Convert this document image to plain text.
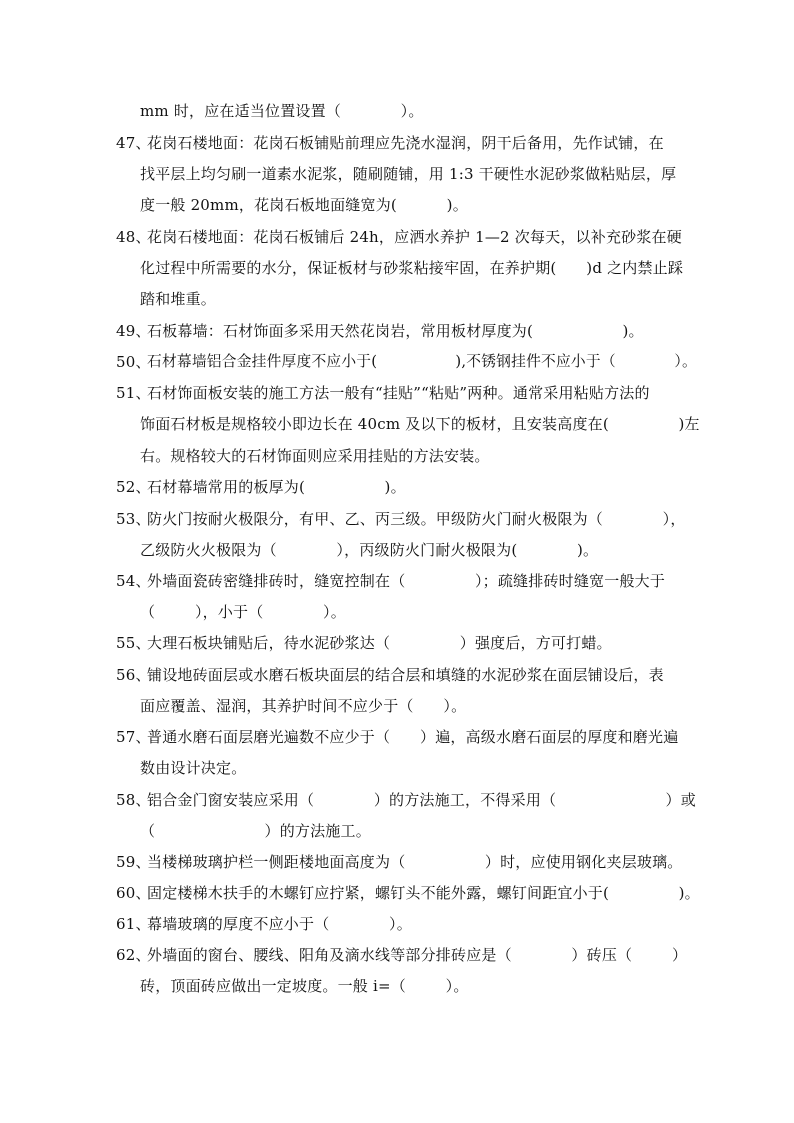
mm 时，应在适当位置设置（            ）。
47、
花岗石楼地面：花岗石板铺贴前理应先浇水湿润，阴干后备用，先作试铺，在
找平层上均匀刷一道素水泥浆，随刷随铺，用 1:3 干硬性水泥砂浆做粘贴层，厚
度一般 20mm，花岗石板地面缝宽为(          )。
48、
花岗石楼地面：花岗石板铺后 24h，应洒水养护 1—2 次每天，以补充砂浆在硬
化过程中所需要的水分，保证板材与砂浆粘接牢固，在养护期(      )d 之内禁止踩
踏和堆重。
49、
石板幕墙：石材饰面多采用天然花岗岩，常用板材厚度为(                  )。
50、
石材幕墙铝合金挂件厚度不应小于(                ),不锈钢挂件不应小于（            ）。
51、
石材饰面板安装的施工方法一般有“挂贴”“粘贴”两种。通常采用粘贴方法的
饰面石材板是规格较小即边长在 40cm 及以下的板材，且安装高度在(              )左
右。规格较大的石材饰面则应采用挂贴的方法安装。
52、
石材幕墙常用的板厚为(                )。
53、
防火门按耐火极限分，有甲、乙、丙三级。甲级防火门耐火极限为（            ），
乙级防火火极限为（            ），丙级防火门耐火极限为(            )。
54、
外墙面瓷砖密缝排砖时，缝宽控制在（              ）；疏缝排砖时缝宽一般大于
（        ），小于（            ）。
55、
大理石板块铺贴后，待水泥砂浆达（              ）强度后，方可打蜡。
56、
铺设地砖面层或水磨石板块面层的结合层和填缝的水泥砂浆在面层铺设后，表
面应覆盖、湿润，其养护时间不应少于（      ）。
57、
普通水磨石面层磨光遍数不应少于（      ）遍，高级水磨石面层的厚度和磨光遍
数由设计决定。
58、
铝合金门窗安装应采用（            ）的方法施工，不得采用（                      ）或
（                      ）的方法施工。
59、
当楼梯玻璃护栏一侧距楼地面高度为（                ）时，应使用钢化夹层玻璃。
60、
固定楼梯木扶手的木螺钉应拧紧，螺钉头不能外露，螺钉间距宜小于(              )。
61、
幕墙玻璃的厚度不应小于（            ）。
62、
外墙面的窗台、腰线、阳角及滴水线等部分排砖应是（            ）砖压（        ）
砖，顶面砖应做出一定坡度。一般 i=（        ）。
